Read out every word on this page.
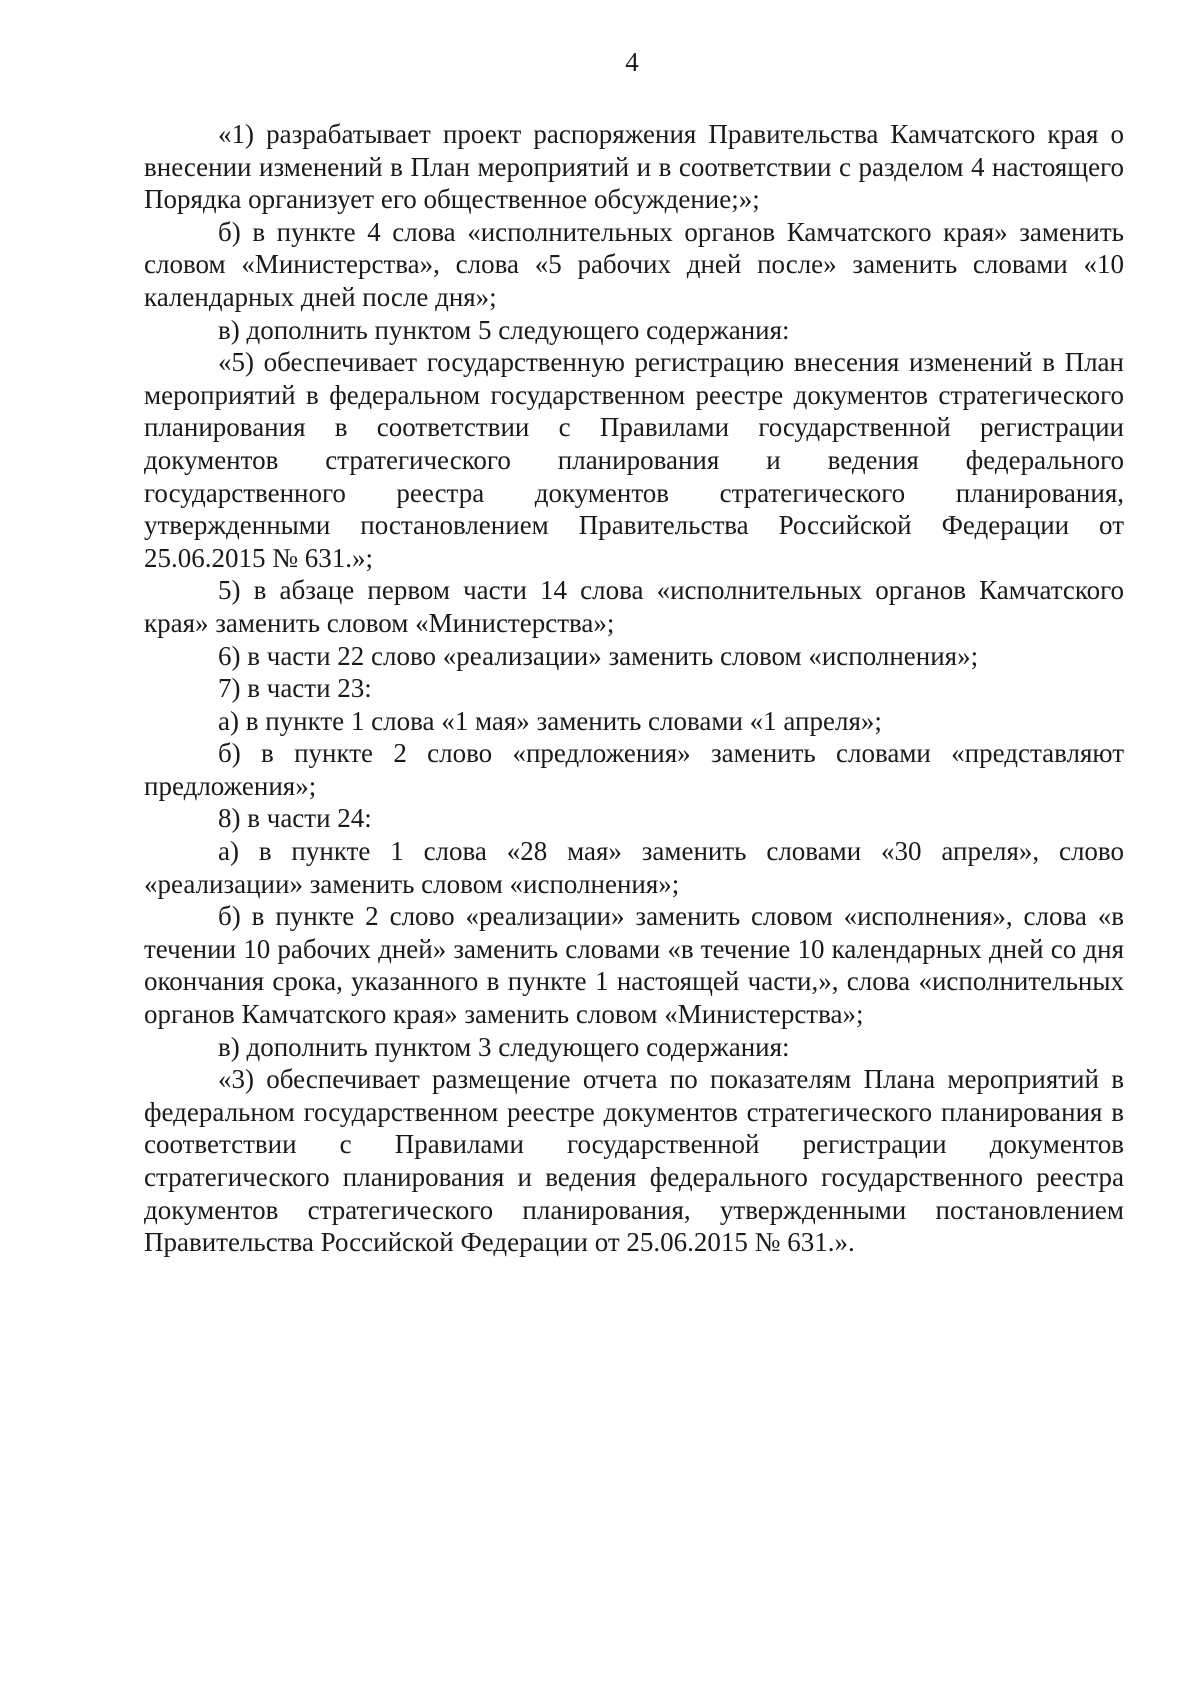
4

«1) разрабатывает проект распоряжения Правительства Камчатского края о внесении изменений в План мероприятий и в соответствии с разделом 4 настоящего Порядка организует его общественное обсуждение;»;

б) в пункте 4 слова «исполнительных органов Камчатского края» заменить словом «Министерства», слова «5 рабочих дней после» заменить словами «10 календарных дней после дня»;

в) дополнить пунктом 5 следующего содержания:

«5) обеспечивает государственную регистрацию внесения изменений в План мероприятий в федеральном государственном реестре документов стратегического планирования в соответствии с Правилами государственной регистрации документов стратегического планирования и ведения федерального государственного реестра документов стратегического планирования, утвержденными постановлением Правительства Российской Федерации от 25.06.2015 № 631.»;

5) в абзаце первом части 14 слова «исполнительных органов Камчатского края» заменить словом «Министерства»;

6) в части 22 слово «реализации» заменить словом «исполнения»;

7) в части 23:

а) в пункте 1 слова «1 мая» заменить словами «1 апреля»;

б) в пункте 2 слово «предложения» заменить словами «представляют предложения»;

8) в части 24:

а) в пункте 1 слова «28 мая» заменить словами «30 апреля», слово «реализации» заменить словом «исполнения»;

б) в пункте 2 слово «реализации» заменить словом «исполнения», слова «в течении 10 рабочих дней» заменить словами «в течение 10 календарных дней со дня окончания срока, указанного в пункте 1 настоящей части,», слова «исполнительных органов Камчатского края» заменить словом «Министерства»;

в) дополнить пунктом 3 следующего содержания:

«3) обеспечивает размещение отчета по показателям Плана мероприятий в федеральном государственном реестре документов стратегического планирования в соответствии с Правилами государственной регистрации документов стратегического планирования и ведения федерального государственного реестра документов стратегического планирования, утвержденными постановлением Правительства Российской Федерации от 25.06.2015 № 631.».
